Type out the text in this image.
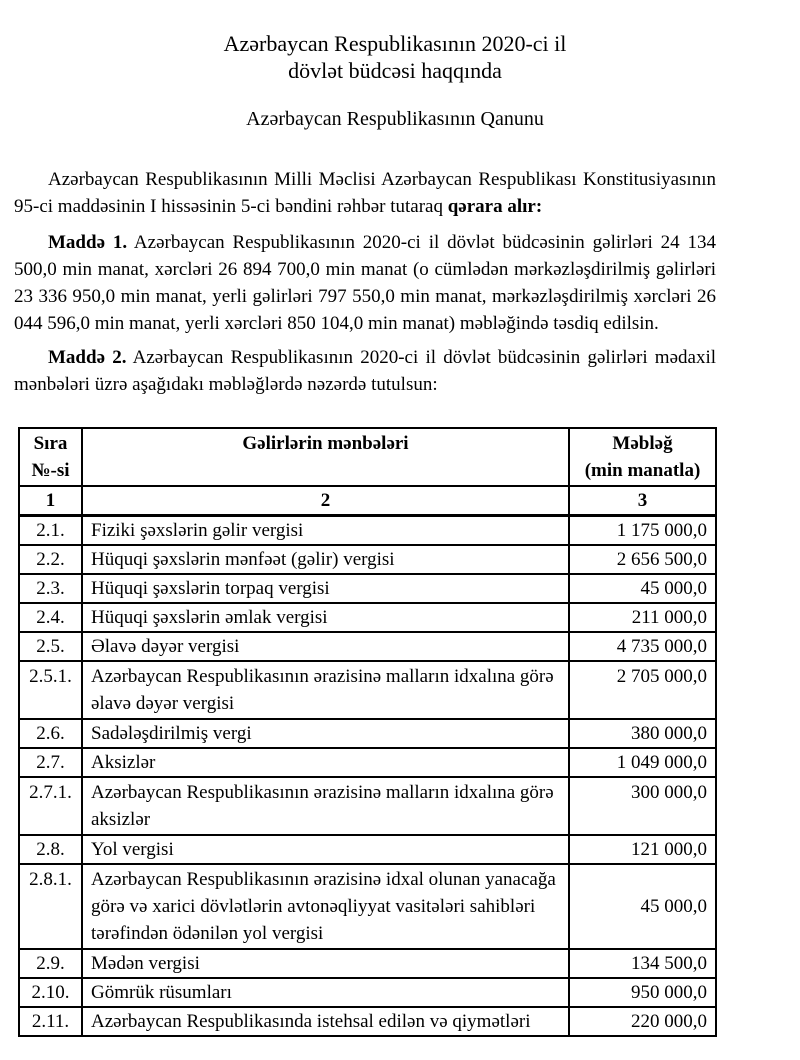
Azərbaycan Respublikasının 2020-ci il
dövlət büdcəsi haqqında
Azərbaycan Respublikasının Qanunu

Azərbaycan Respublikasının Milli Məclisi Azərbaycan Respublikası Konstitusiyasının 95-ci maddəsinin I hissəsinin 5-ci bəndini rəhbər tutaraq qərara alır:

Maddə 1. Azərbaycan Respublikasının 2020-ci il dövlət büdcəsinin gəlirləri 24 134 500,0 min manat, xərcləri 26 894 700,0 min manat (o cümlədən mərkəzləşdirilmiş gəlirləri 23 336 950,0 min manat, yerli gəlirləri 797 550,0 min manat, mərkəzləşdirilmiş xərcləri 26 044 596,0 min manat, yerli xərcləri 850 104,0 min manat) məbləğində təsdiq edilsin.

Maddə 2. Azərbaycan Respublikasının 2020-ci il dövlət büdcəsinin gəlirləri mədaxil mənbələri üzrə aşağıdakı məbləğlərdə nəzərdə tutulsun:

Sıra
№-si	Gəlirlərin mənbələri	Məbləğ
(min manatla)

1	2	3
2.1.	Fiziki şəxslərin gəlir vergisi	1 175 000,0
2.2.	Hüquqi şəxslərin mənfəət (gəlir) vergisi	2 656 500,0
2.3.	Hüquqi şəxslərin torpaq vergisi	45 000,0
2.4.	Hüquqi şəxslərin əmlak vergisi	211 000,0
2.5.	Əlavə dəyər vergisi	4 735 000,0
2.5.1.	Azərbaycan Respublikasının ərazisinə malların idxalına görə əlavə dəyər vergisi	2 705 000,0
2.6.	Sadələşdirilmiş vergi	380 000,0
2.7.	Aksizlər	1 049 000,0
2.7.1.	Azərbaycan Respublikasının ərazisinə malların idxalına görə aksizlər	300 000,0
2.8.	Yol vergisi	121 000,0
2.8.1.	Azərbaycan Respublikasının ərazisinə idxal olunan yanacağa görə və xarici dövlətlərin avtonəqliyyat vasitələri sahibləri tərəfindən ödənilən yol vergisi	45 000,0
2.9.	Mədən vergisi	134 500,0
2.10.	Gömrük rüsumları	950 000,0
2.11.	Azərbaycan Respublikasında istehsal edilən və qiymətləri	220 000,0
